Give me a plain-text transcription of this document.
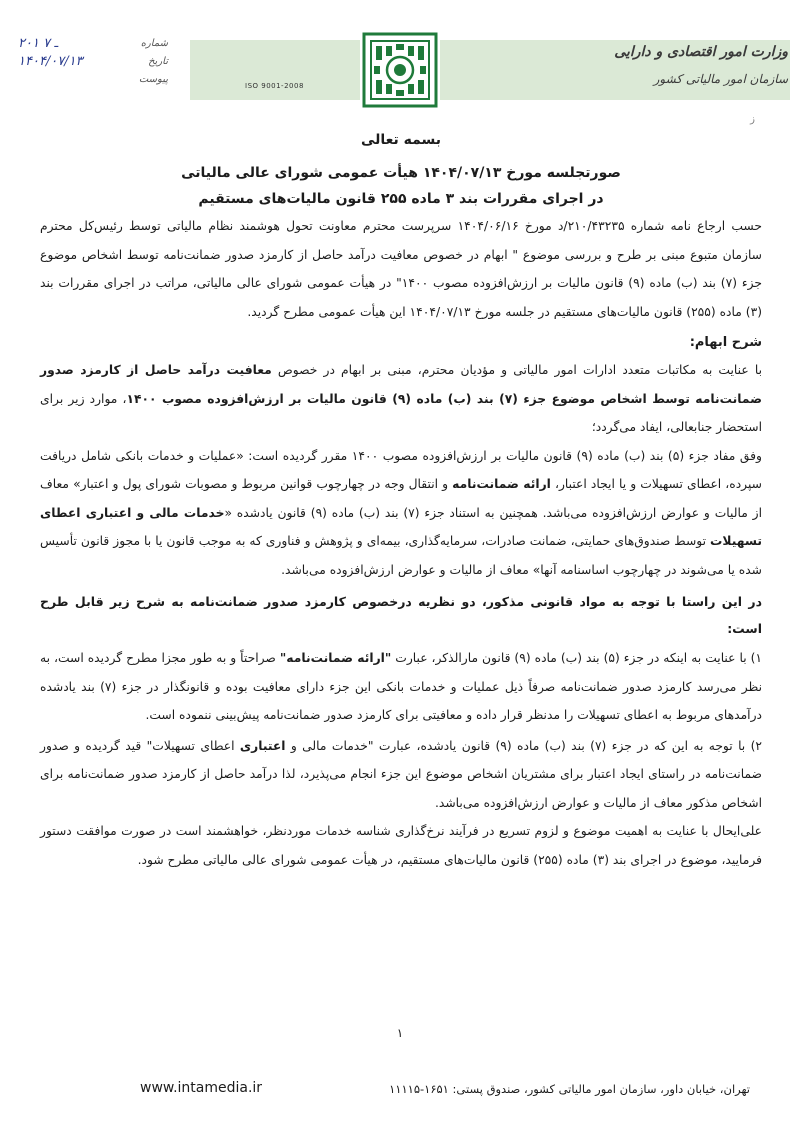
۲۰۱ ـ ۷	شماره
۱۴۰۴/۰۷/۱۳	تاریخ
پیوست
ISO 9001-2008
وزارت امور اقتصادی و دارایی
سازمان امور مالیاتی کشور
ز
بسمه تعالی
صورتجلسه مورخ ۱۴۰۴/۰۷/۱۳ هیأت عمومی شورای عالی مالیاتی
در اجرای مقررات بند ۳ ماده ۲۵۵ قانون مالیات‌های مستقیم

حسب ارجاع نامه شماره ۲۱۰/۴۳۲۳۵/د مورخ ۱۴۰۴/۰۶/۱۶ سرپرست محترم معاونت تحول هوشمند نظام مالیاتی توسط رئیس‌کل محترم سازمان متبوع مبنی بر طرح و بررسی موضوع " ابهام در خصوص معافیت درآمد حاصل از کارمزد صدور ضمانت‌نامه توسط اشخاص موضوع جزء (۷) بند (ب) ماده (۹) قانون مالیات بر ارزش‌افزوده مصوب ۱۴۰۰" در هیأت عمومی شورای عالی مالیاتی، مراتب در اجرای مقررات بند (۳) ماده (۲۵۵) قانون مالیات‌های مستقیم در جلسه مورخ ۱۴۰۴/۰۷/۱۳ این هیأت عمومی مطرح گردید.

شرح ابهام:

با عنایت به مکاتبات متعدد ادارات امور مالیاتی و مؤدیان محترم، مبنی بر ابهام در خصوص معافیت درآمد حاصل از کارمزد صدور ضمانت‌نامه توسط اشخاص موضوع جزء (۷) بند (ب) ماده (۹) قانون مالیات بر ارزش‌افزوده مصوب ۱۴۰۰، موارد زیر برای استحضار جنابعالی، ایفاد می‌گردد؛

وفق مفاد جزء (۵) بند (ب) ماده (۹) قانون مالیات بر ارزش‌افزوده مصوب ۱۴۰۰ مقرر گردیده است: «عملیات و خدمات بانکی شامل دریافت سپرده، اعطای تسهیلات و یا ایجاد اعتبار، ارائه ضمانت‌نامه و انتقال وجه در چهارچوب قوانین مربوط و مصوبات شورای پول و اعتبار» معاف از مالیات و عوارض ارزش‌افزوده می‌باشد. همچنین به استناد جزء (۷) بند (ب) ماده (۹) قانون یادشده «خدمات مالی و اعتباری اعطای تسهیلات توسط صندوق‌های حمایتی، ضمانت صادرات، سرمایه‌گذاری، بیمه‌ای و پژوهش و فناوری که به موجب قانون یا با مجوز قانون تأسیس شده یا می‌شوند در چهارچوب اساسنامه آنها» معاف از مالیات و عوارض ارزش‌افزوده می‌باشد.

در این راستا با توجه به مواد قانونی مذکور، دو نظریه درخصوص کارمزد صدور ضمانت‌نامه به شرح زیر قابل طرح است:

۱) با عنایت به اینکه در جزء (۵) بند (ب) ماده (۹) قانون مارالذکر، عبارت "ارائه ضمانت‌نامه" صراحتاً و به طور مجزا مطرح گردیده است، به نظر می‌رسد کارمزد صدور ضمانت‌نامه صرفاً ذیل عملیات و خدمات بانکی این جزء دارای معافیت بوده و قانونگذار در جزء (۷) بند یادشده درآمدهای مربوط به اعطای تسهیلات را مدنظر قرار داده و معافیتی برای کارمزد صدور ضمانت‌نامه پیش‌بینی ننموده است.

۲) با توجه به این که در جزء (۷) بند (ب) ماده (۹) قانون یادشده، عبارت "خدمات مالی و اعتباری اعطای تسهیلات" قید گردیده و صدور ضمانت‌نامه در راستای ایجاد اعتبار برای مشتریان اشخاص موضوع این جزء انجام می‌پذیرد، لذا درآمد حاصل از کارمزد صدور ضمانت‌نامه برای اشخاص مذکور معاف از مالیات و عوارض ارزش‌افزوده می‌باشد.

علی‌ایحال با عنایت به اهمیت موضوع و لزوم تسریع در فرآیند نرخ‌گذاری شناسه خدمات موردنظر، خواهشمند است در صورت موافقت دستور فرمایید، موضوع در اجرای بند (۳) ماده (۲۵۵) قانون مالیات‌های مستقیم، در هیأت عمومی شورای عالی مالیاتی مطرح شود.

۱
www.intamedia.ir	تهران، خیابان داور، سازمان امور مالیاتی کشور، صندوق پستی: ۱۶۵۱-۱۱۱۱۵
